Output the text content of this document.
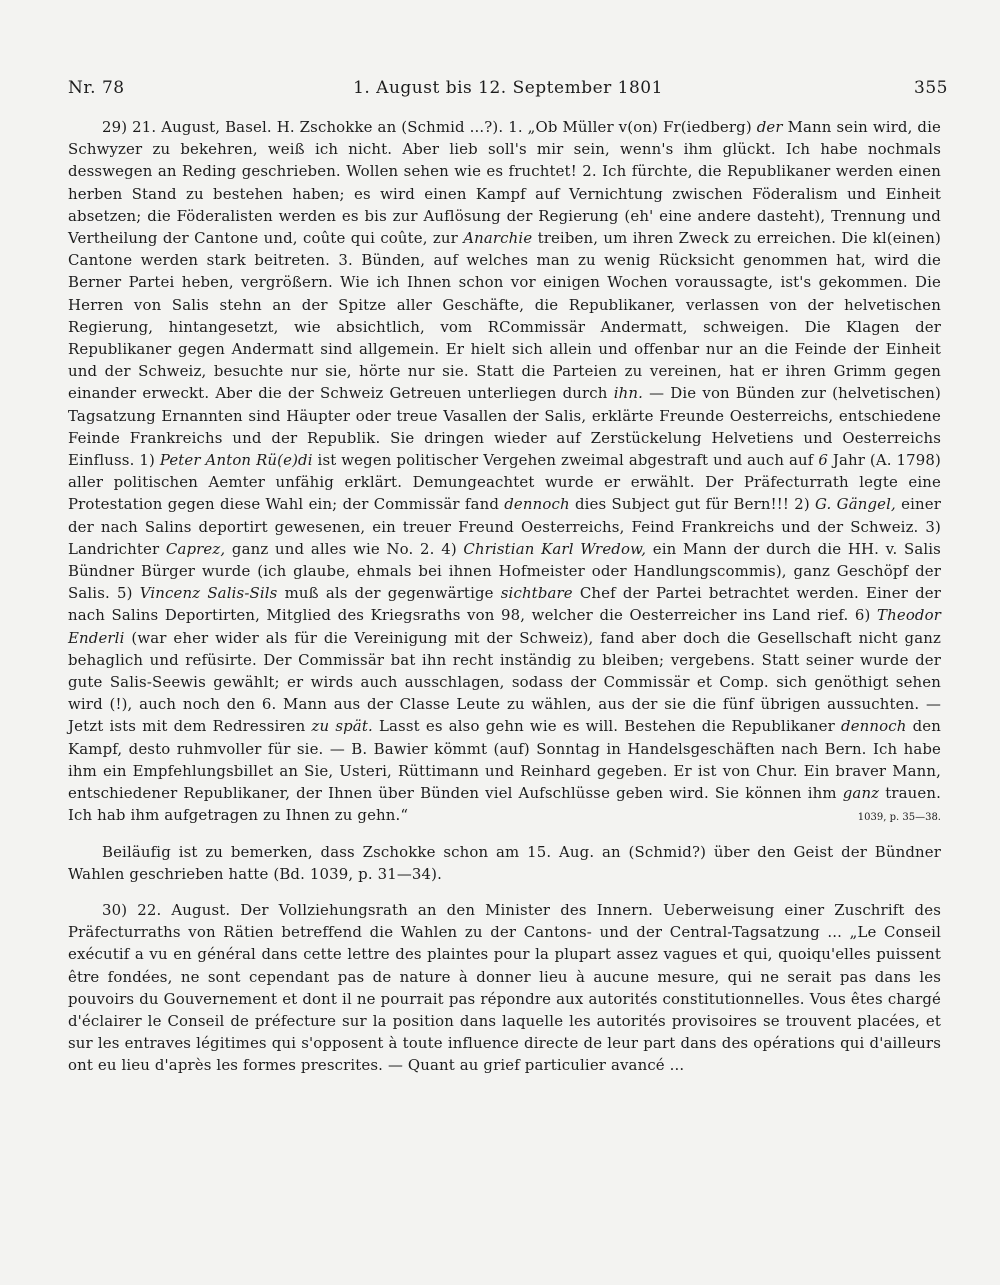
Nr. 78	1. August bis 12. September 1801	355

29) 21. August, Basel. H. Zschokke an (Schmid ...?). 1. „Ob Müller v(on) Fr(iedberg) der Mann sein wird, die Schwyzer zu bekehren, weiß ich nicht. Aber lieb soll's mir sein, wenn's ihm glückt. Ich habe nochmals desswegen an Reding geschrieben. Wollen sehen wie es fruchtet! 2. Ich fürchte, die Republikaner werden einen herben Stand zu bestehen haben; es wird einen Kampf auf Vernichtung zwischen Föderalism und Einheit absetzen; die Föderalisten werden es bis zur Auflösung der Regierung (eh' eine andere dasteht), Trennung und Vertheilung der Cantone und, coûte qui coûte, zur Anarchie treiben, um ihren Zweck zu erreichen. Die kl(einen) Cantone werden stark beitreten. 3. Bünden, auf welches man zu wenig Rücksicht genommen hat, wird die Berner Partei heben, vergrößern. Wie ich Ihnen schon vor einigen Wochen voraussagte, ist's gekommen. Die Herren von Salis stehn an der Spitze aller Geschäfte, die Republikaner, verlassen von der helvetischen Regierung, hintangesetzt, wie absichtlich, vom RCommissär Andermatt, schweigen. Die Klagen der Republikaner gegen Andermatt sind allgemein. Er hielt sich allein und offenbar nur an die Feinde der Einheit und der Schweiz, besuchte nur sie, hörte nur sie. Statt die Parteien zu vereinen, hat er ihren Grimm gegen einander erweckt. Aber die der Schweiz Getreuen unterliegen durch ihn. — Die von Bünden zur (helvetischen) Tagsatzung Ernannten sind Häupter oder treue Vasallen der Salis, erklärte Freunde Oesterreichs, entschiedene Feinde Frankreichs und der Republik. Sie dringen wieder auf Zerstückelung Helvetiens und Oesterreichs Einfluss. 1) Peter Anton Rü(e)di ist wegen politischer Vergehen zweimal abgestraft und auch auf 6 Jahr (A. 1798) aller politischen Aemter unfähig erklärt. Demungeachtet wurde er erwählt. Der Präfecturrath legte eine Protestation gegen diese Wahl ein; der Commissär fand dennoch dies Subject gut für Bern!!! 2) G. Gängel, einer der nach Salins deportirt gewesenen, ein treuer Freund Oesterreichs, Feind Frankreichs und der Schweiz. 3) Landrichter Caprez, ganz und alles wie No. 2. 4) Christian Karl Wredow, ein Mann der durch die HH. v. Salis Bündner Bürger wurde (ich glaube, ehmals bei ihnen Hofmeister oder Handlungscommis), ganz Geschöpf der Salis. 5) Vincenz Salis-Sils muß als der gegenwärtige sichtbare Chef der Partei betrachtet werden. Einer der nach Salins Deportirten, Mitglied des Kriegsraths von 98, welcher die Oesterreicher ins Land rief. 6) Theodor Enderli (war eher wider als für die Vereinigung mit der Schweiz), fand aber doch die Gesellschaft nicht ganz behaglich und refüsirte. Der Commissär bat ihn recht inständig zu bleiben; vergebens. Statt seiner wurde der gute Salis-Seewis gewählt; er wirds auch ausschlagen, sodass der Commissär et Comp. sich genöthigt sehen wird (!), auch noch den 6. Mann aus der Classe Leute zu wählen, aus der sie die fünf übrigen aussuchten. — Jetzt ists mit dem Redressiren zu spät. Lasst es also gehn wie es will. Bestehen die Republikaner dennoch den Kampf, desto ruhmvoller für sie. — B. Bawier kömmt (auf) Sonntag in Handelsgeschäften nach Bern. Ich habe ihm ein Empfehlungsbillet an Sie, Usteri, Rüttimann und Reinhard gegeben. Er ist von Chur. Ein braver Mann, entschiedener Republikaner, der Ihnen über Bünden viel Aufschlüsse geben wird. Sie können ihm ganz trauen. Ich hab ihm aufgetragen zu Ihnen zu gehn.“	1039, p. 35—38.

Beiläufig ist zu bemerken, dass Zschokke schon am 15. Aug. an (Schmid?) über den Geist der Bündner Wahlen geschrieben hatte (Bd. 1039, p. 31—34).

30) 22. August. Der Vollziehungsrath an den Minister des Innern. Ueberweisung einer Zuschrift des Präfecturraths von Rätien betreffend die Wahlen zu der Cantons- und der Central-Tagsatzung ... „Le Conseil exécutif a vu en général dans cette lettre des plaintes pour la plupart assez vagues et qui, quoiqu'elles puissent être fondées, ne sont cependant pas de nature à donner lieu à aucune mesure, qui ne serait pas dans les pouvoirs du Gouvernement et dont il ne pourrait pas répondre aux autorités constitutionnelles. Vous êtes chargé d'éclairer le Conseil de préfecture sur la position dans laquelle les autorités provisoires se trouvent placées, et sur les entraves légitimes qui s'opposent à toute influence directe de leur part dans des opérations qui d'ailleurs ont eu lieu d'après les formes prescrites. — Quant au grief particulier avancé ...
